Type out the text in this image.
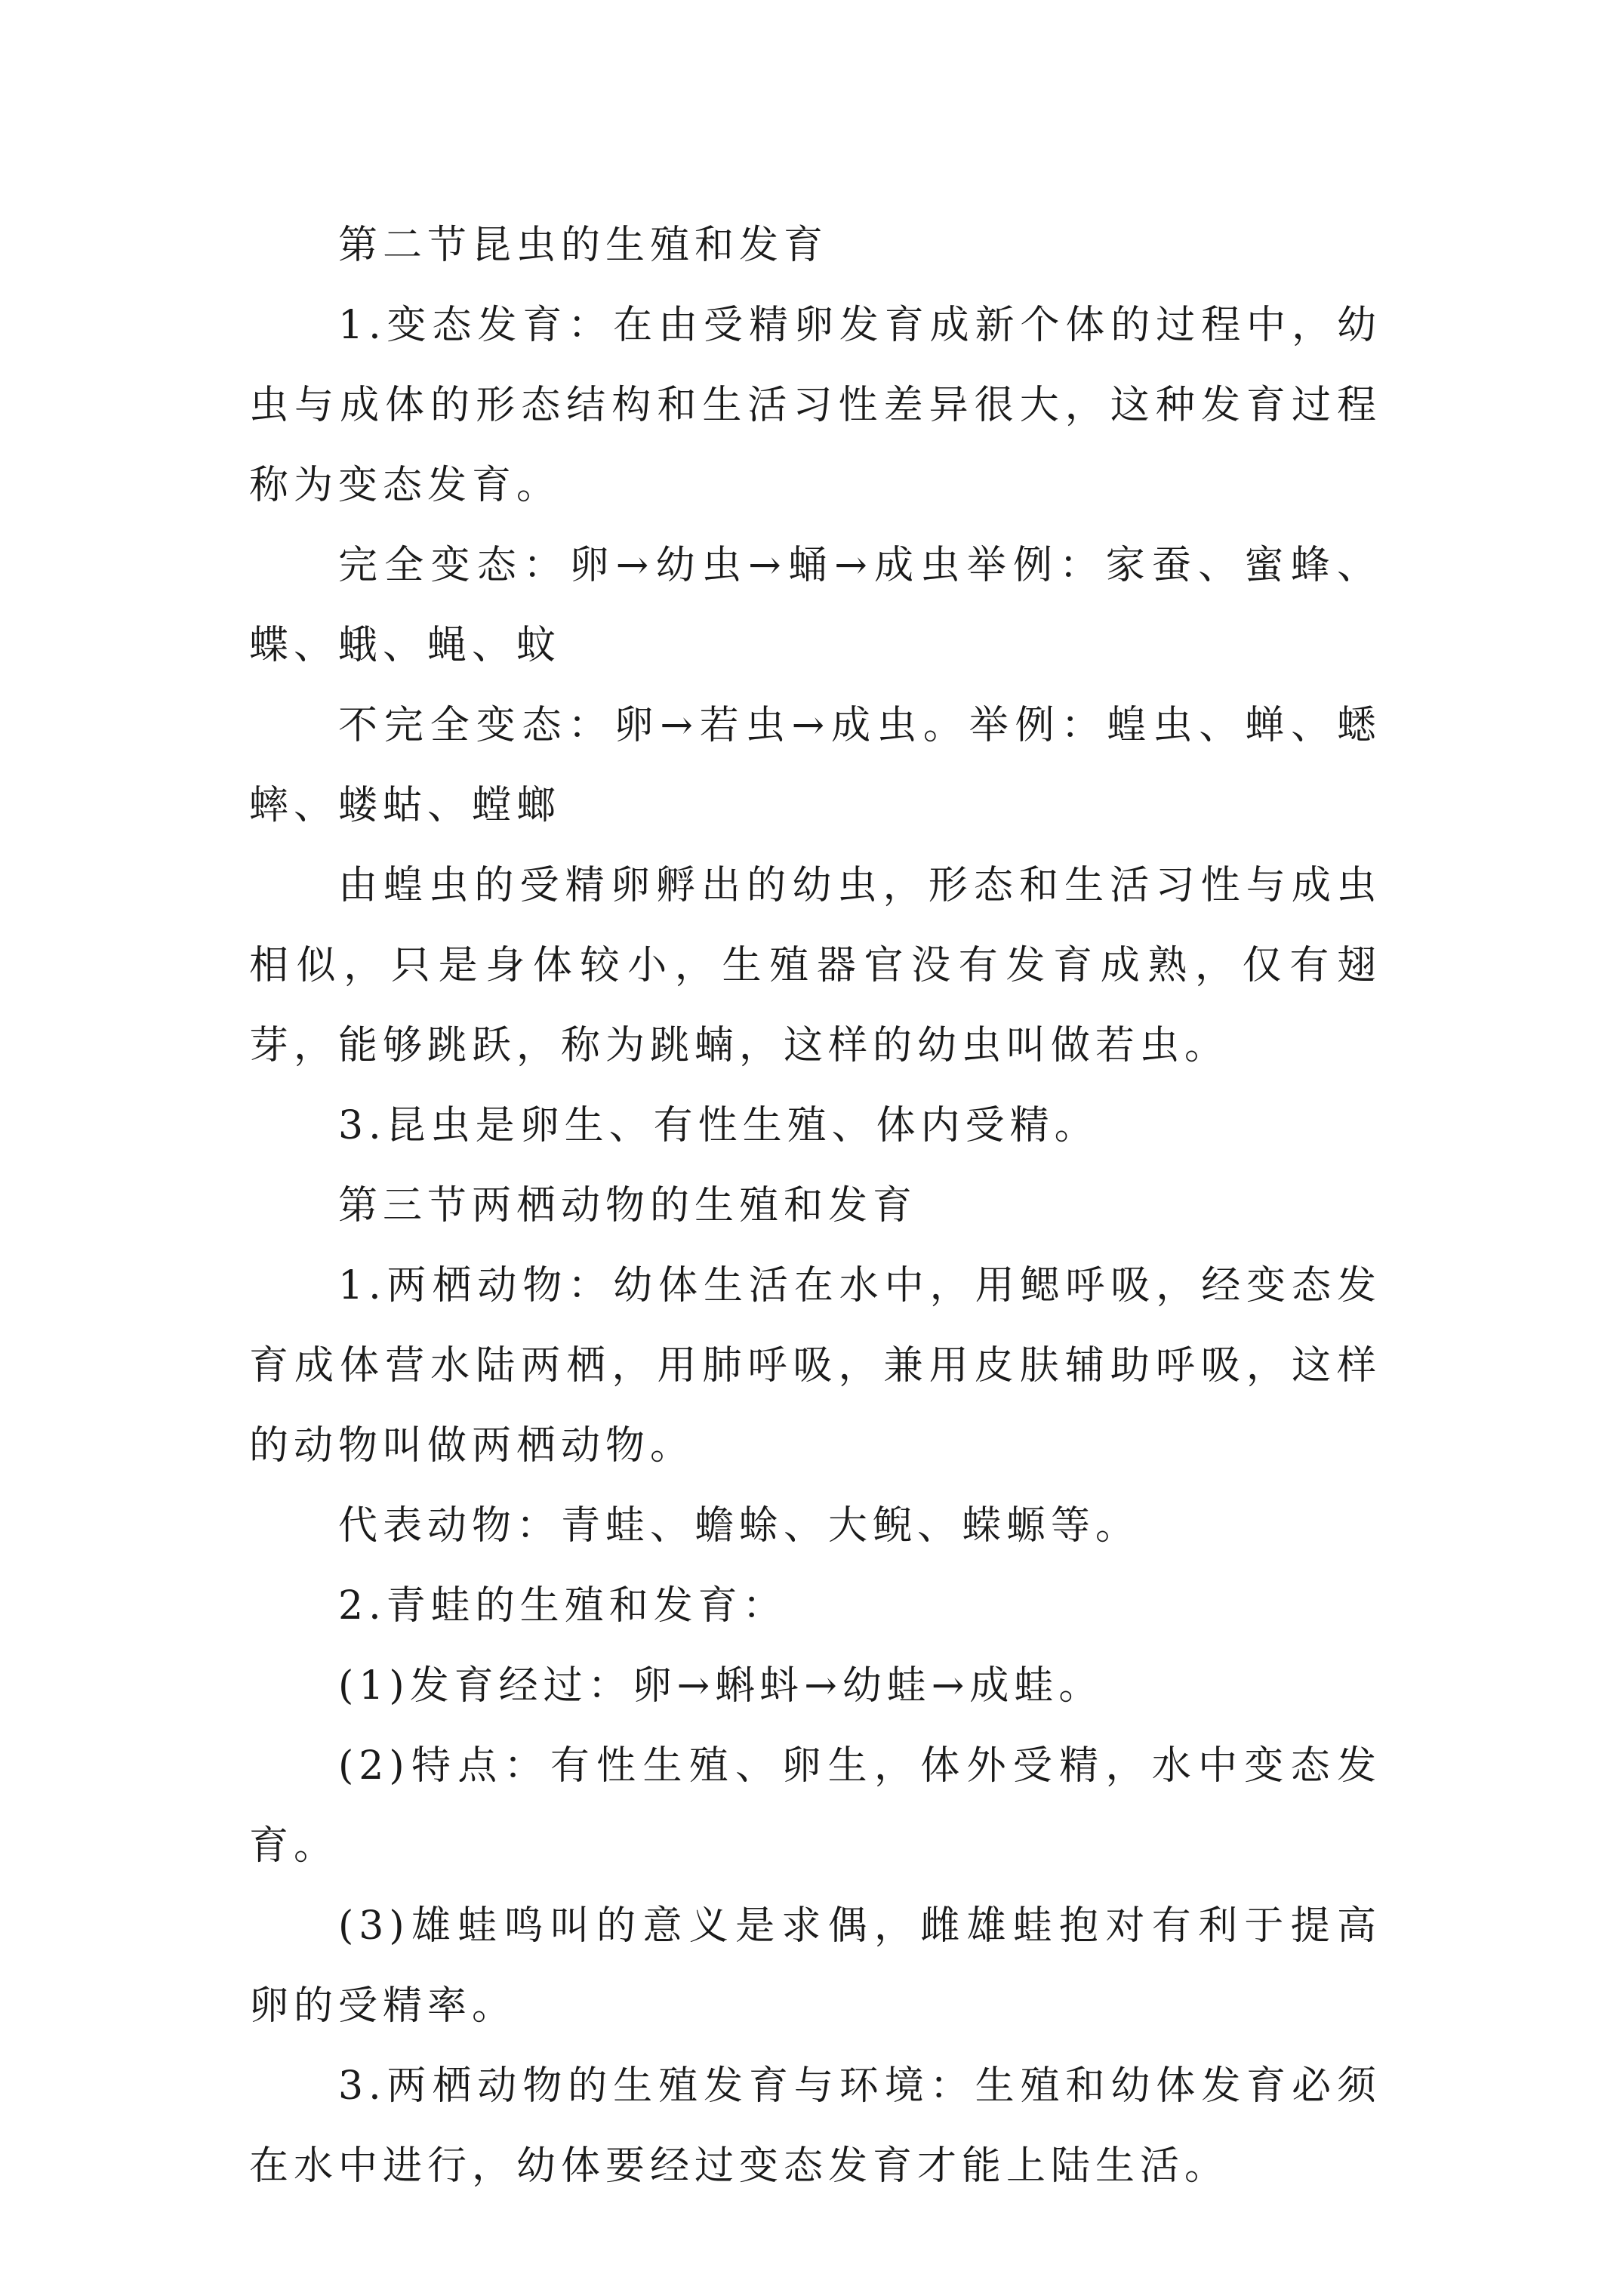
第二节昆虫的生殖和发育

1.变态发育：在由受精卵发育成新个体的过程中，幼虫与成体的形态结构和生活习性差异很大，这种发育过程称为变态发育。

完全变态：卵→幼虫→蛹→成虫举例：家蚕、蜜蜂、蝶、蛾、蝇、蚊

不完全变态：卵→若虫→成虫。举例：蝗虫、蝉、蟋蟀、蝼蛄、螳螂

由蝗虫的受精卵孵出的幼虫，形态和生活习性与成虫相似，只是身体较小，生殖器官没有发育成熟，仅有翅芽，能够跳跃，称为跳蝻，这样的幼虫叫做若虫。

3.昆虫是卵生、有性生殖、体内受精。

第三节两栖动物的生殖和发育

1.两栖动物：幼体生活在水中，用鳃呼吸，经变态发育成体营水陆两栖，用肺呼吸，兼用皮肤辅助呼吸，这样的动物叫做两栖动物。

代表动物：青蛙、蟾蜍、大鲵、蝾螈等。

2.青蛙的生殖和发育：

(1)发育经过：卵→蝌蚪→幼蛙→成蛙。

(2)特点：有性生殖、卵生，体外受精，水中变态发育。

(3)雄蛙鸣叫的意义是求偶，雌雄蛙抱对有利于提高卵的受精率。

3.两栖动物的生殖发育与环境：生殖和幼体发育必须在水中进行，幼体要经过变态发育才能上陆生活。
